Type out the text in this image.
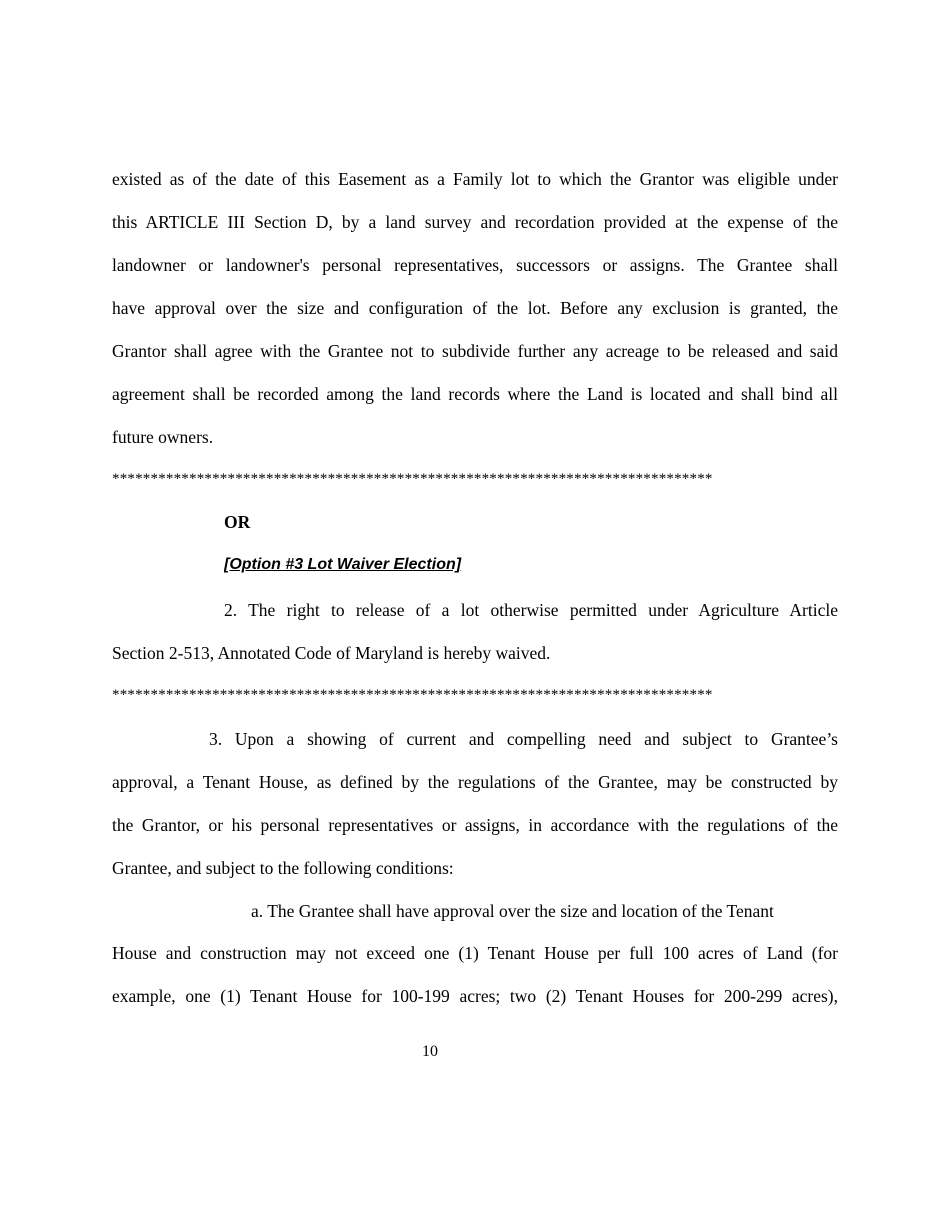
existed as of the date of this Easement as a Family lot to which the Grantor was eligible under
this ARTICLE III Section D, by a land survey and recordation provided at the expense of the
landowner or landowner's personal representatives, successors or assigns. The Grantee shall
have approval over the size and configuration of the lot. Before any exclusion is granted, the
Grantor shall agree with the Grantee not to subdivide further any acreage to be released and said
agreement shall be recorded among the land records where the Land is located and shall bind all
future owners.
******************************************************************************
OR
[Option #3 Lot Waiver Election]
2. The right to release of a lot otherwise permitted under Agriculture Article
Section 2-513, Annotated Code of Maryland is hereby waived.
******************************************************************************
3. Upon a showing of current and compelling need and subject to Grantee’s
approval, a Tenant House, as defined by the regulations of the Grantee, may be constructed by
the Grantor, or his personal representatives or assigns, in accordance with the regulations of the
Grantee, and subject to the following conditions:
a. The Grantee shall have approval over the size and location of the Tenant
House and construction may not exceed one (1) Tenant House per full 100 acres of Land (for
example, one (1) Tenant House for 100-199 acres; two (2) Tenant Houses for 200-299 acres),
10
